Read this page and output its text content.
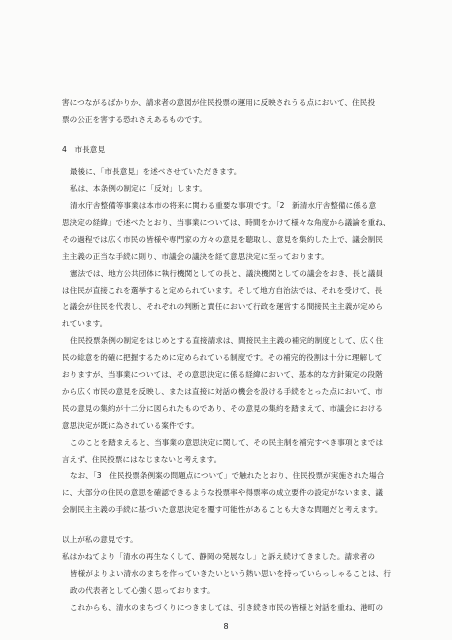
害につながるばかりか、請求者の意図が住民投票の運用に反映されうる点において、住民投
票の公正を害する恐れさえあるものです。
4　市長意見
最後に、「市長意見」を述べさせていただきます。
私は、本条例の制定に「反対」します。
清水庁舎整備等事業は本市の将来に関わる重要な事項です。「2　新清水庁舎整備に係る意
思決定の経緯」で述べたとおり、当事業については、時間をかけて様々な角度から議論を重ね、
その過程では広く市民の皆様や専門家の方々の意見を聴取し、意見を集約した上で、議会制民
主主義の正当な手続に則り、市議会の議決を経て意思決定に至っております。
憲法では、地方公共団体に執行機関としての長と、議決機関としての議会をおき、長と議員
は住民が直接これを選挙すると定められています。そして地方自治法では、それを受けて、長
と議会が住民を代表し、それぞれの判断と責任において行政を運営する間接民主主義が定めら
れています。
住民投票条例の制定をはじめとする直接請求は、間接民主主義の補完的制度として、広く住
民の総意を的確に把握するために定められている制度です。その補完的役割は十分に理解して
おりますが、当事業については、その意思決定に係る経緯において、基本的な方針策定の段階
から広く市民の意見を反映し、または直接に対話の機会を設ける手続をとった点において、市
民の意見の集約が十二分に図られたものであり、その意見の集約を踏まえて、市議会における
意思決定が既に為されている案件です。
このことを踏まえると、当事業の意思決定に関して、その民主制を補完すべき事項とまでは
言えず、住民投票にはなじまないと考えます。
なお、「3　住民投票条例案の問題点について」で触れたとおり、住民投票が実施された場合
に、大部分の住民の意思を確認できるような投票率や得票率の成立要件の設定がないまま、議
会制民主主義の手続に基づいた意思決定を覆す可能性があることも大きな問題だと考えます。
以上が私の意見です。
私はかねてより「清水の再生なくして、静岡の発展なし」と訴え続けてきました。請求者の
皆様がよりよい清水のまちを作っていきたいという熱い思いを持っていらっしゃることは、行
政の代表者として心強く思っております。
これからも、清水のまちづくりにつきましては、引き続き市民の皆様と対話を重ね、港町の
8
